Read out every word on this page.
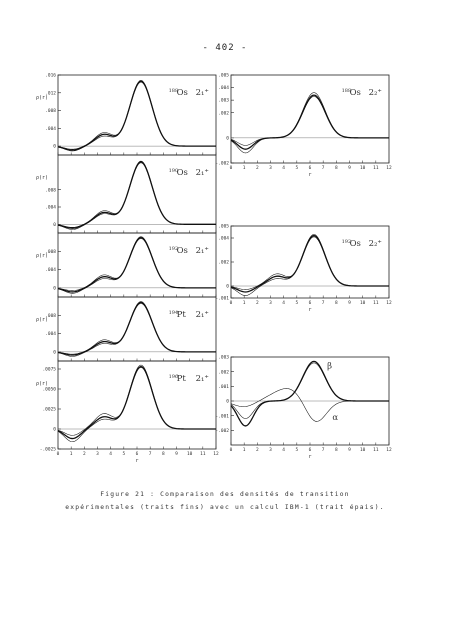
- 402 -
.016
.012
.008
.004
0
ρ(r)
188
Os 2₁⁺
.008
.004
0
ρ(r)
190
Os 2₁⁺
.008
.004
0
ρ(r)
192
Os 2₁⁺
.008
.004
0
ρ(r)
194
Pt 2₁⁺
.0075
.0050
.0025
0
-.0025
0 1 2 3 4 5 6 7 8 9 10 11 12
r
ρ(r)
196
Pt 2₁⁺
.005
.004
.003
.002
0
-.002
0 1 2 3 4 5 6 7 8 9 10 11 12
r
188
Os 2₂⁺
.005
.004
.002
0
-.001
0 1 2 3 4 5 6 7 8 9 10 11 12
r
192
Os 2₂⁺
.003
.002
.001
0
-.001
-.002
0 1 2 3 4 5 6 7 8 9 10 11 12
r
β
α
Figure 21 : Comparaison des densités de transition
expérimentales (traits fins) avec un calcul IBM-1 (trait épais).
